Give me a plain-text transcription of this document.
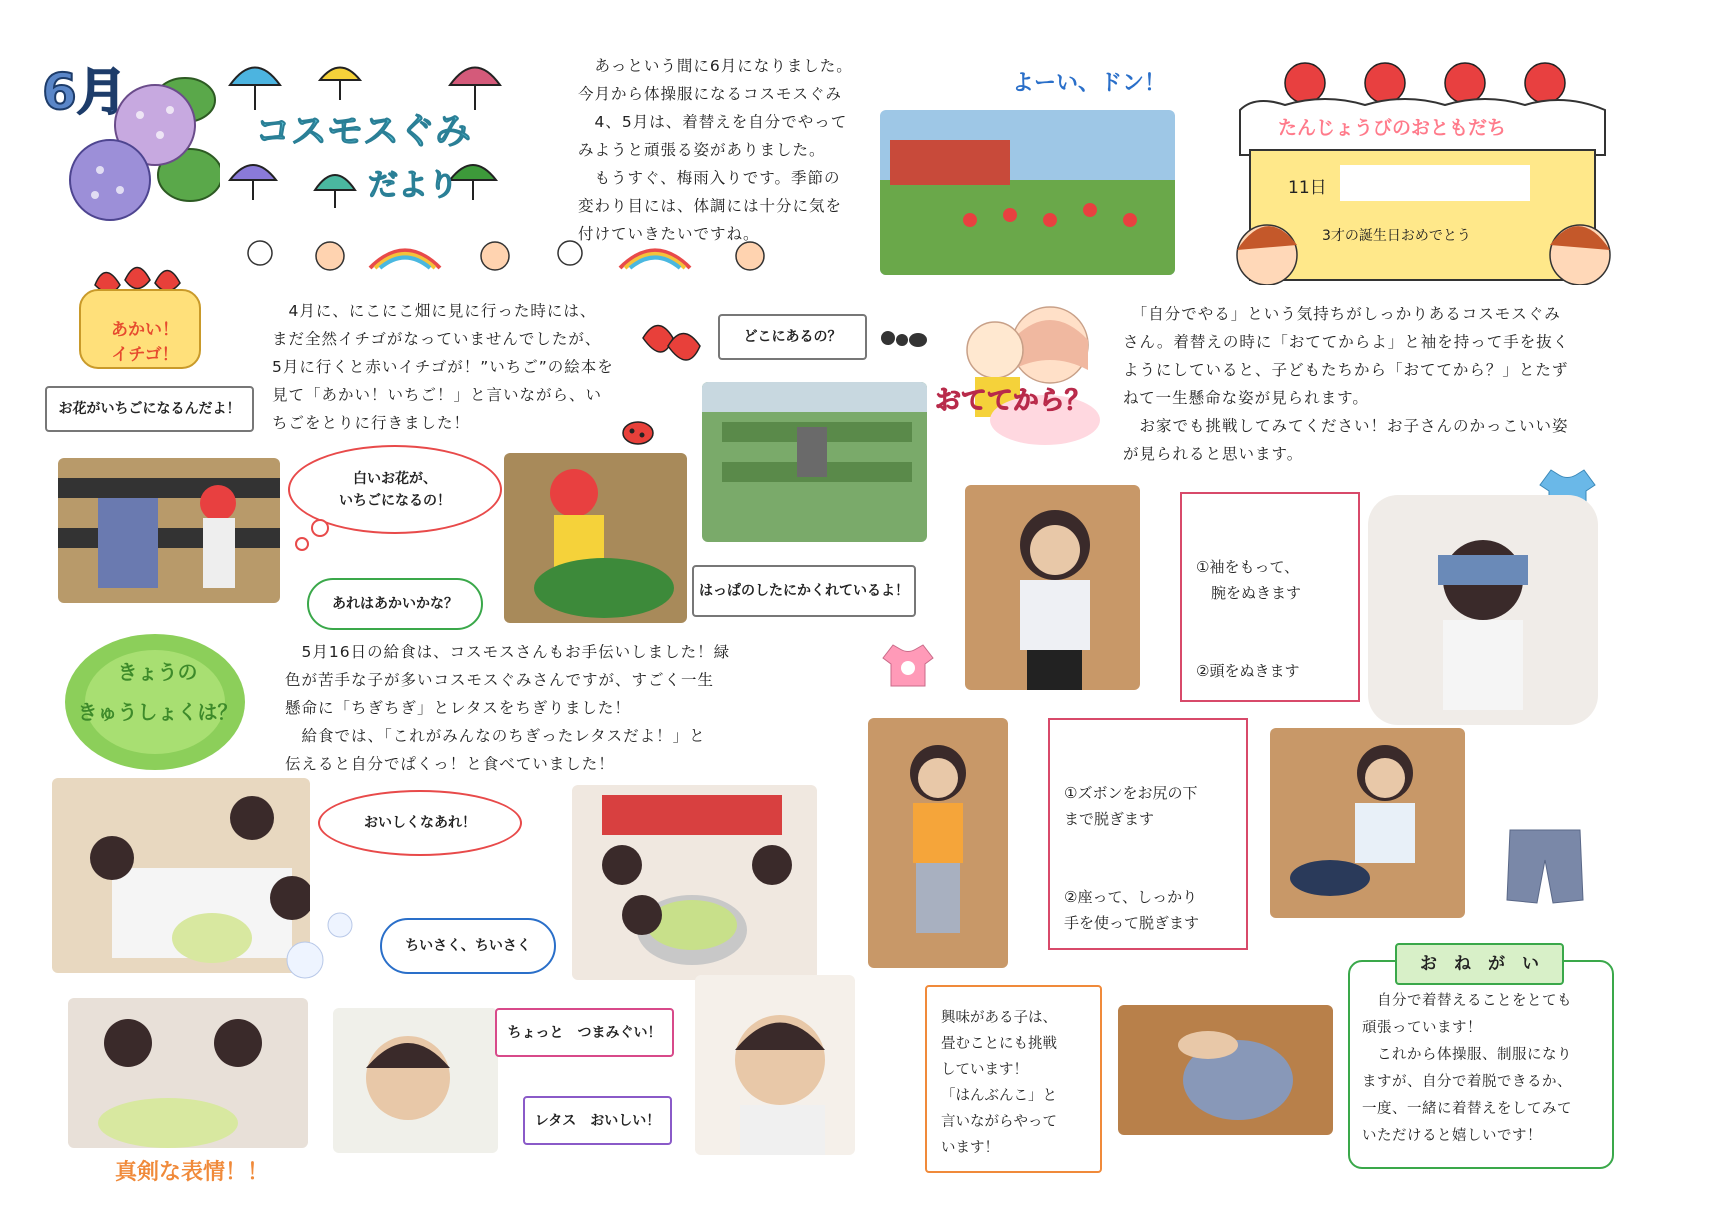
6月
コスモスぐみ
だより
　あっという間に6月になりました。
今月から体操服になるコスモスぐみ
　4、5月は、着替えを自分でやって
みようと頑張る姿がありました。
　もうすぐ、梅雨入りです。季節の
変わり目には、体調には十分に気を
付けていきたいですね。
よーい、ドン！
たんじょうびのおともだち
11日
3才の誕生日おめでとう
あかい！
イチゴ！
　4月に、にこにこ畑に見に行った時には、
まだ全然イチゴがなっていませんでしたが、
5月に行くと赤いイチゴが！”いちご”の絵本を
見て「あかい！いちご！」と言いながら、い
ちごをとりに行きました！
お花がいちごになるんだよ！
白いお花が、
いちごになるの！
あれはあかいかな？
どこにあるの？
はっぱのしたにかくれているよ！
きょうの
きゅうしょくは？
　5月16日の給食は、コスモスさんもお手伝いしました！緑
色が苦手な子が多いコスモスぐみさんですが、すごく一生
懸命に「ちぎちぎ」とレタスをちぎりました！
　給食では、「これがみんなのちぎったレタスだよ！」と
伝えると自分でぱくっ！と食べていました！
おいしくなあれ！
ちいさく、ちいさく
真剣な表情！！
ちょっと　つまみぐい！
レタス　おいしい！
おててから？
　「自分でやる」という気持ちがしっかりあるコスモスぐみ
さん。着替えの時に「おててからよ」と袖を持って手を抜く
ようにしていると、子どもたちから「おててから？」とたず
ねて一生懸命な姿が見られます。
　お家でも挑戦してみてください！お子さんのかっこいい姿
が見られると思います。
①袖をもって、
　腕をぬきます

②頭をぬきます
①ズボンをお尻の下
まで脱ぎます

②座って、しっかり
手を使って脱ぎます
興味がある子は、
畳むことにも挑戦
しています！
「はんぶんこ」と
言いながらやって
います！
お　ね　が　い
　自分で着替えることをとても
頑張っています！
　これから体操服、制服になり
ますが、自分で着脱できるか、
一度、一緒に着替えをしてみて
いただけると嬉しいです！
